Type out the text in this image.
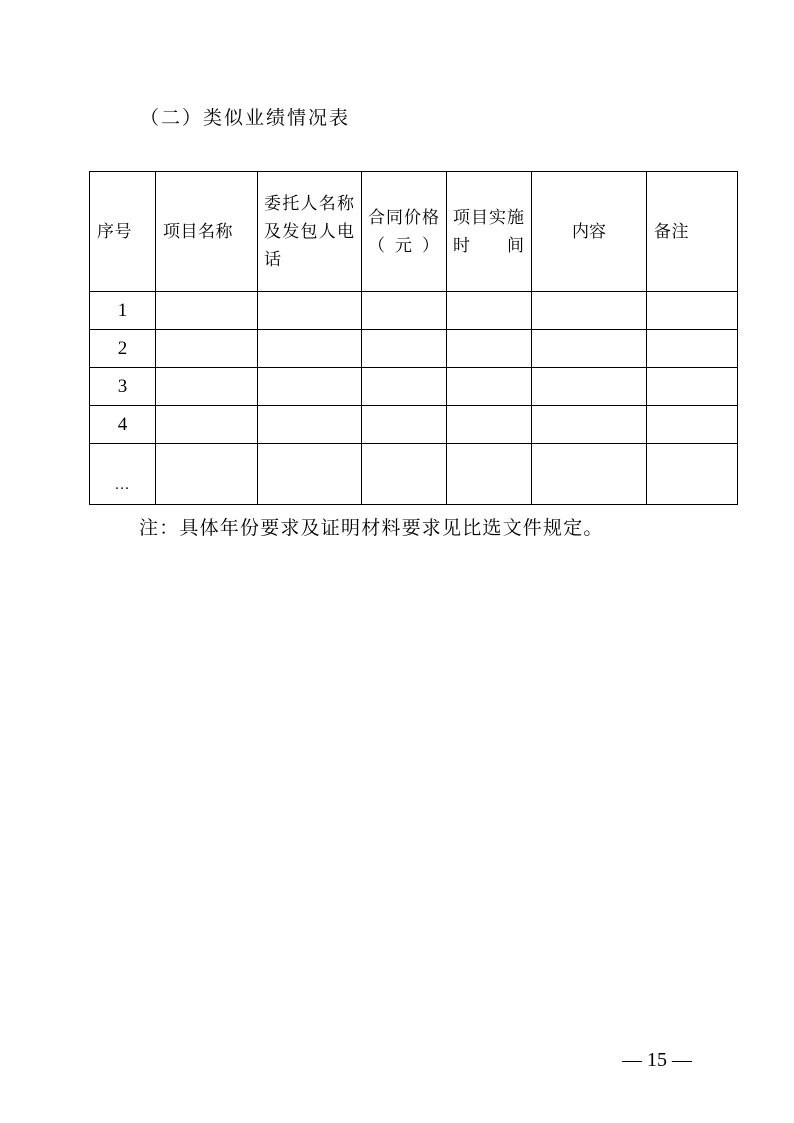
（二）类似业绩情况表
序号	项目名称	委托人名称及发包人电话	合同价格（元）	项目实施时间	内容	备注

1						
2						
3						
4						
…						
注：具体年份要求及证明材料要求见比选文件规定。
— 15 —
